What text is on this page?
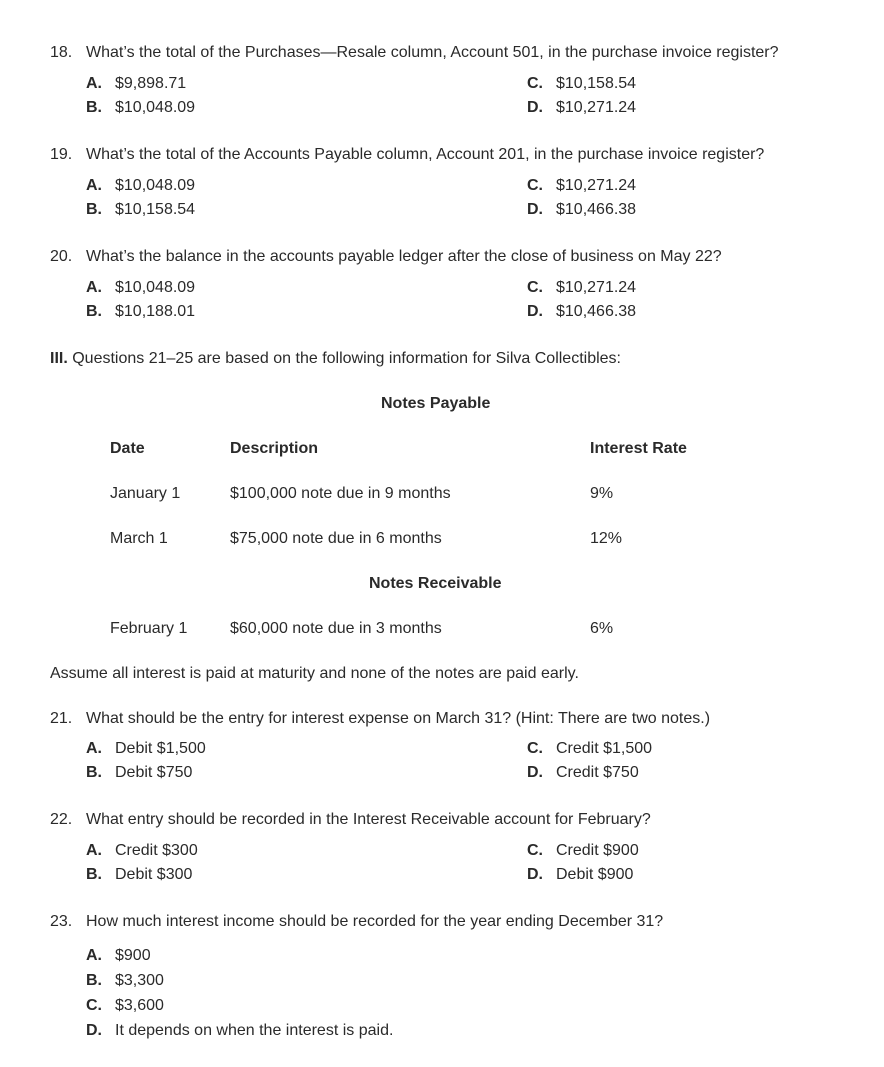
18. What’s the total of the Purchases—Resale column, Account 501, in the purchase invoice register?
A. $9,898.71
B. $10,048.09
C. $10,158.54
D. $10,271.24
19. What’s the total of the Accounts Payable column, Account 201, in the purchase invoice register?
A. $10,048.09
B. $10,158.54
C. $10,271.24
D. $10,466.38
20. What’s the balance in the accounts payable ledger after the close of business on May 22?
A. $10,048.09
B. $10,188.01
C. $10,271.24
D. $10,466.38
III. Questions 21–25 are based on the following information for Silva Collectibles:
Notes Payable
Date	Description	Interest Rate
January 1	$100,000 note due in 9 months	9%
March 1	$75,000 note due in 6 months	12%
Notes Receivable
February 1	$60,000 note due in 3 months	6%
Assume all interest is paid at maturity and none of the notes are paid early.
21. What should be the entry for interest expense on March 31? (Hint: There are two notes.)
A. Debit $1,500
B. Debit $750
C. Credit $1,500
D. Credit $750
22. What entry should be recorded in the Interest Receivable account for February?
A. Credit $300
B. Debit $300
C. Credit $900
D. Debit $900
23. How much interest income should be recorded for the year ending December 31?
A. $900
B. $3,300
C. $3,600
D. It depends on when the interest is paid.
